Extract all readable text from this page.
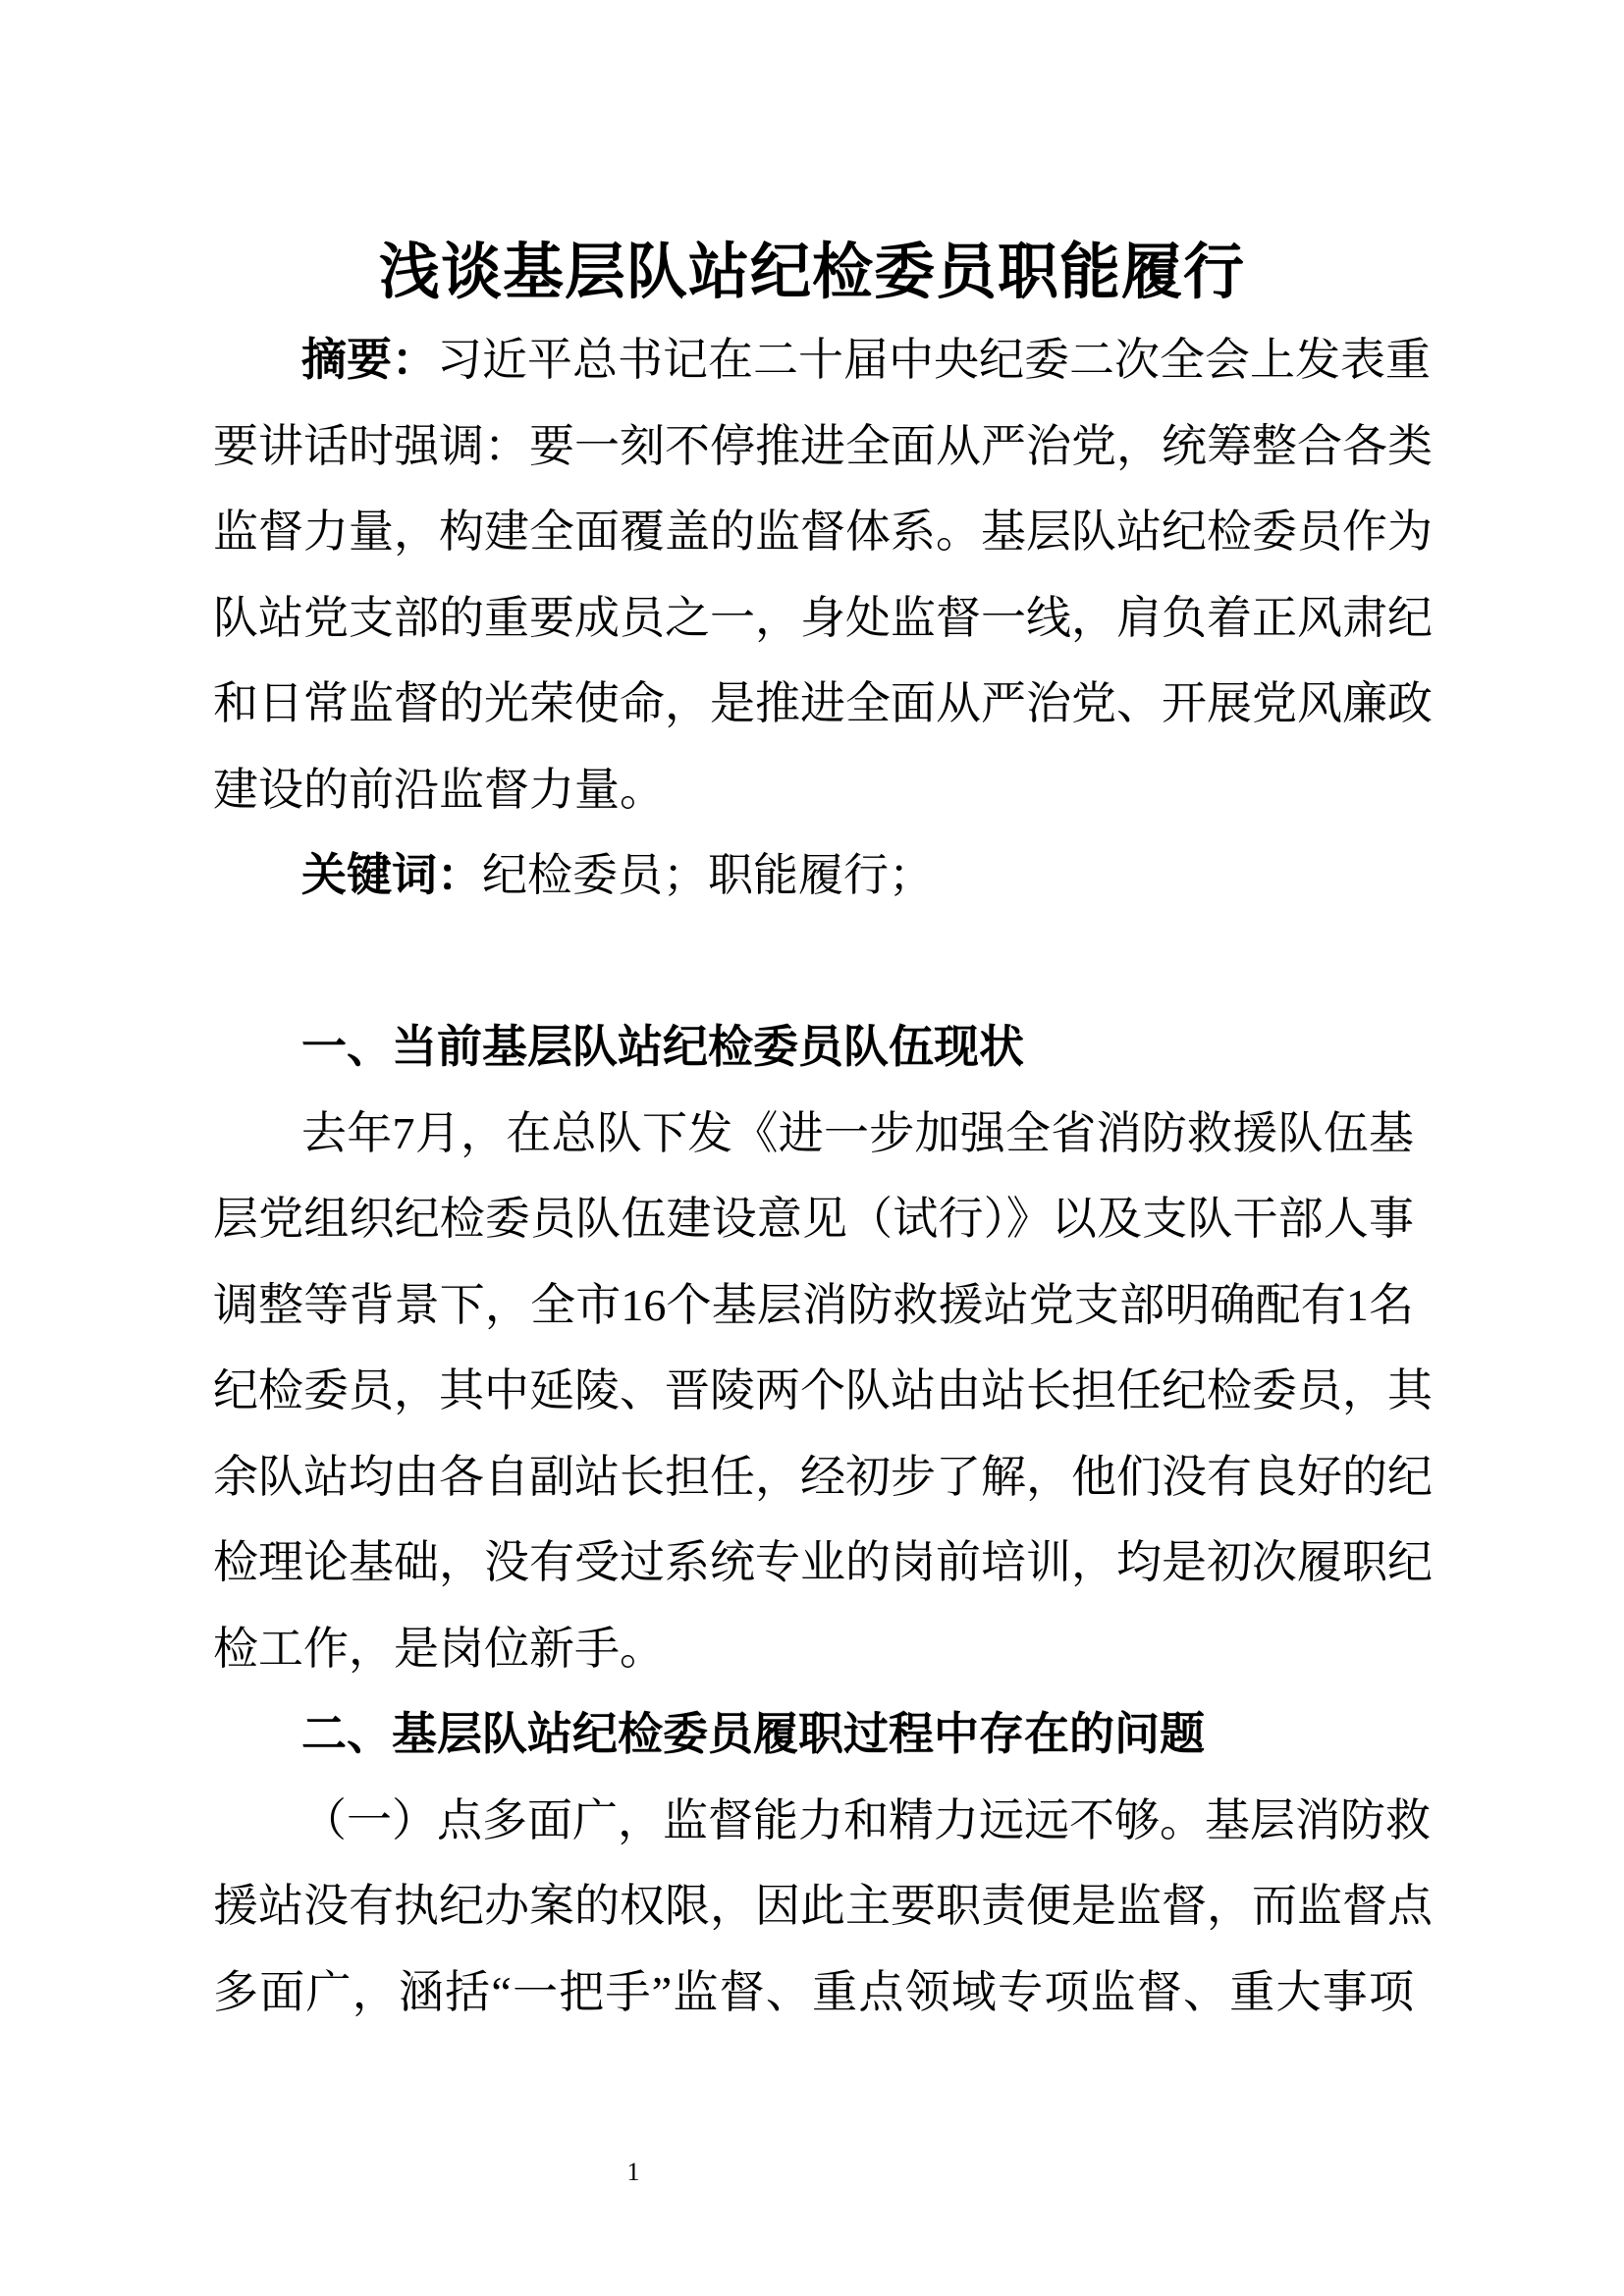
浅谈基层队站纪检委员职能履行
摘要：习近平总书记在二十届中央纪委二次全会上发表重
要讲话时强调：要一刻不停推进全面从严治党，统筹整合各类
监督力量，构建全面覆盖的监督体系。基层队站纪检委员作为
队站党支部的重要成员之一，身处监督一线，肩负着正风肃纪
和日常监督的光荣使命，是推进全面从严治党、开展党风廉政
建设的前沿监督力量。
关键词：纪检委员；职能履行；
一、当前基层队站纪检委员队伍现状
去年7月，在总队下发《进一步加强全省消防救援队伍基
层党组织纪检委员队伍建设意见（试行）》以及支队干部人事
调整等背景下，全市16个基层消防救援站党支部明确配有1名
纪检委员，其中延陵、晋陵两个队站由站长担任纪检委员，其
余队站均由各自副站长担任，经初步了解，他们没有良好的纪
检理论基础，没有受过系统专业的岗前培训，均是初次履职纪
检工作，是岗位新手。
二、基层队站纪检委员履职过程中存在的问题
（一）点多面广，监督能力和精力远远不够。基层消防救
援站没有执纪办案的权限，因此主要职责便是监督，而监督点
多面广，涵括“一把手”监督、重点领域专项监督、重大事项
1
